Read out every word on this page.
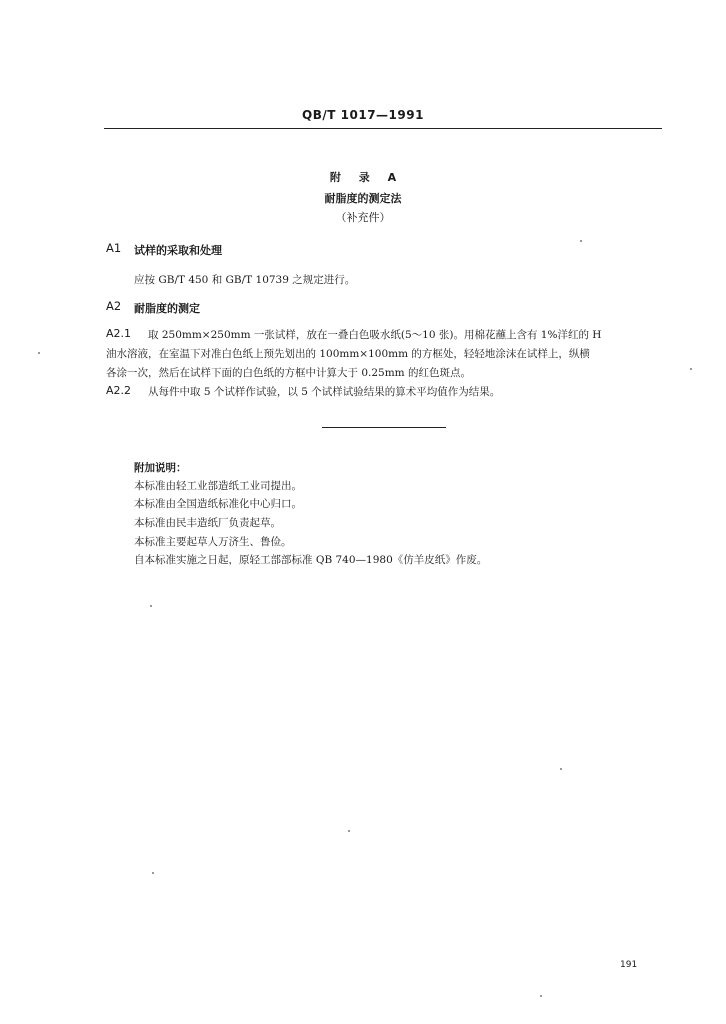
QB/T 1017—1991
附 录 A
耐脂度的测定法
（补充件）
A1 试样的采取和处理
应按 GB/T 450 和 GB/T 10739 之规定进行。
A2 耐脂度的测定
A2.1 取 250mm×250mm 一张试样，放在一叠白色吸水纸(5～10 张)。用棉花蘸上含有 1%洋红的 H
油水溶液，在室温下对准白色纸上预先划出的 100mm×100mm 的方框处，轻轻地涂沫在试样上，纵横
各涂一次，然后在试样下面的白色纸的方框中计算大于 0.25mm 的红色斑点。
A2.2 从每件中取 5 个试样作试验，以 5 个试样试验结果的算术平均值作为结果。
附加说明：
本标准由轻工业部造纸工业司提出。
本标准由全国造纸标准化中心归口。
本标准由民丰造纸厂负责起草。
本标准主要起草人万济生、鲁俭。
自本标准实施之日起，原轻工部部标准 QB 740—1980《仿羊皮纸》作废。
191
